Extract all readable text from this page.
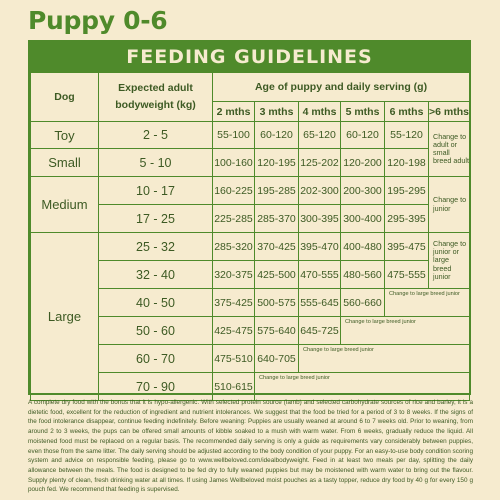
Puppy 0-6
FEEDING GUIDELINES
Dog	Expected adult bodyweight (kg)	Age of puppy and daily serving (g)					
		2 mths	3 mths	4 mths	5 mths	6 mths	>6 mths
Toy	2 - 5	55-100	60-120	65-120	60-120	55-120	Change to adult or small breed adult
Small	5 - 10	100-160	120-195	125-202	120-200	120-198	
Medium	10 - 17	160-225	195-285	202-300	200-300	195-295	Change to junior
	17 - 25	225-285	285-370	300-395	300-400	295-395	
Large	25 - 32	285-320	370-425	395-470	400-480	395-475	Change to junior or large breed junior
	32 - 40	320-375	425-500	470-555	480-560	475-555	
	40 - 50	375-425	500-575	555-645	560-660	Change to large breed junior	
	50 - 60	425-475	575-640	645-725	Change to large breed junior		
	60 - 70	475-510	640-705	Change to large breed junior			
	70 - 90	510-615	Change to large breed junior				
A complete dry food with the bonus that it is hypo-allergenic. With selected protein source (lamb) and selected carbohydrate sources of rice and barley, it is a dietetic food, excellent for the reduction of ingredient and nutrient intolerances. We suggest that the food be tried for a period of 3 to 8 weeks. If the signs of the food intolerance disappear, continue feeding indefinitely. Before weaning: Puppies are usually weaned at around 6 to 7 weeks old. Prior to weaning, from around 2 to 3 weeks, the pups can be offered small amounts of kibble soaked to a mush with warm water. From 6 weeks, gradually reduce the liquid. All moistened food must be replaced on a regular basis. The recommended daily serving is only a guide as requirements vary considerably between puppies, even those from the same litter. The daily serving should be adjusted according to the body condition of your puppy. For an easy-to-use body condition scoring system and advice on responsible feeding, please go to www.wellbeloved.com/idealbodyweight. Feed in at least two meals per day, splitting the daily allowance between the meals. The food is designed to be fed dry to fully weaned puppies but may be moistened with warm water to bring out the flavour. Supply plenty of clean, fresh drinking water at all times. If using James Wellbeloved moist pouches as a tasty topper, reduce dry food by 40 g for every 150 g pouch fed. We recommend that feeding is supervised.
